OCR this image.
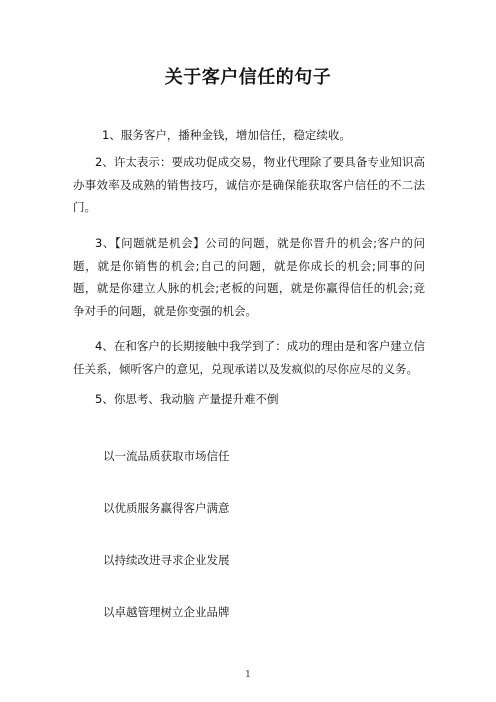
关于客户信任的句子
1、服务客户，播种金钱，增加信任，稳定续收。
2、许太表示：要成功促成交易，物业代理除了要具备专业知识高办事效率及成熟的销售技巧，诚信亦是确保能获取客户信任的不二法门。
3、【问题就是机会】公司的问题，就是你晋升的机会;客户的问题，就是你销售的机会;自己的问题，就是你成长的机会;同事的问题，就是你建立人脉的机会;老板的问题，就是你赢得信任的机会;竞争对手的问题，就是你变强的机会。
4、在和客户的长期接触中我学到了：成功的理由是和客户建立信任关系，倾听客户的意见，兑现承诺以及发疯似的尽你应尽的义务。
5、你思考、我动脑 产量提升难不倒
以一流品质获取市场信任
以优质服务赢得客户满意
以持续改进寻求企业发展
以卓越管理树立企业品牌
1
